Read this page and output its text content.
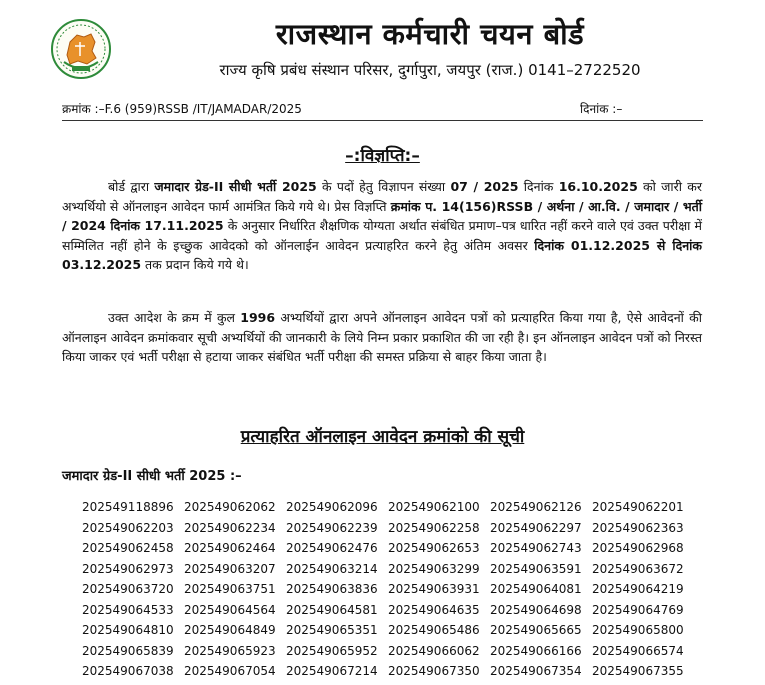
राजस्थान कर्मचारी चयन बोर्ड
राज्य कृषि प्रबंध संस्थान परिसर, दुर्गापुरा, जयपुर (राज.) 0141–2722520
क्रमांक :–F.6 (959)RSSB /IT/JAMADAR/2025	दिनांक :–
–:विज्ञप्ति:–
बोर्ड द्वारा जमादार ग्रेड-II सीधी भर्ती 2025 के पदों हेतु विज्ञापन संख्या 07 / 2025 दिनांक 16.10.2025 को जारी कर अभ्यर्थियो‍ से ऑनलाइन आवेदन फार्म आमंत्रित किये गये थे। प्रेस विज्ञप्ति क्रमांक प. 14(156)RSSB / अर्थना / आ.वि. / जमादार / भर्ती / 2024 दिनांक 17.11.2025 के अनुसार निर्धारित शैक्षणिक योग्यता अर्थात संबंधित प्रमाण–पत्र धारित नहीं करने वाले एवं उक्त परीक्षा में सम्मिलित नहीं होने के इच्छुक आवेदको को ऑनलाईन आवेदन प्रत्याहरित करने हेतु अंतिम अवसर दिनांक 01.12.2025 से दिनांक 03.12.2025 तक प्रदान किये गये थे।
उक्त आदेश के क्रम में कुल 1996 अभ्यर्थियों द्वारा अपने ऑनलाइन आवेदन पत्रों को प्रत्याहरित किया गया है, ऐसे आवेदनों की ऑनलाइन आवेदन क्रमांकवार सूची अभ्यर्थियों की जानकारी के लिये निम्न प्रकार प्रकाशित की जा रही है। इन ऑनलाइन आवेदन पत्रों को निरस्त किया जाकर एवं भर्ती परीक्षा से हटाया जाकर संबंधित भर्ती परीक्षा की समस्त प्रक्रिया से बाहर किया जाता है।
प्रत्याहरित ऑनलाइन आवेदन क्रमांको की सूची
जमादार ग्रेड-II सीधी भर्ती 2025 :–
202549118896 202549062062 202549062096 202549062100 202549062126 202549062201
202549062203 202549062234 202549062239 202549062258 202549062297 202549062363
202549062458 202549062464 202549062476 202549062653 202549062743 202549062968
202549062973 202549063207 202549063214 202549063299 202549063591 202549063672
202549063720 202549063751 202549063836 202549063931 202549064081 202549064219
202549064533 202549064564 202549064581 202549064635 202549064698 202549064769
202549064810 202549064849 202549065351 202549065486 202549065665 202549065800
202549065839 202549065923 202549065952 202549066062 202549066166 202549066574
202549067038 202549067054 202549067214 202549067350 202549067354 202549067355
